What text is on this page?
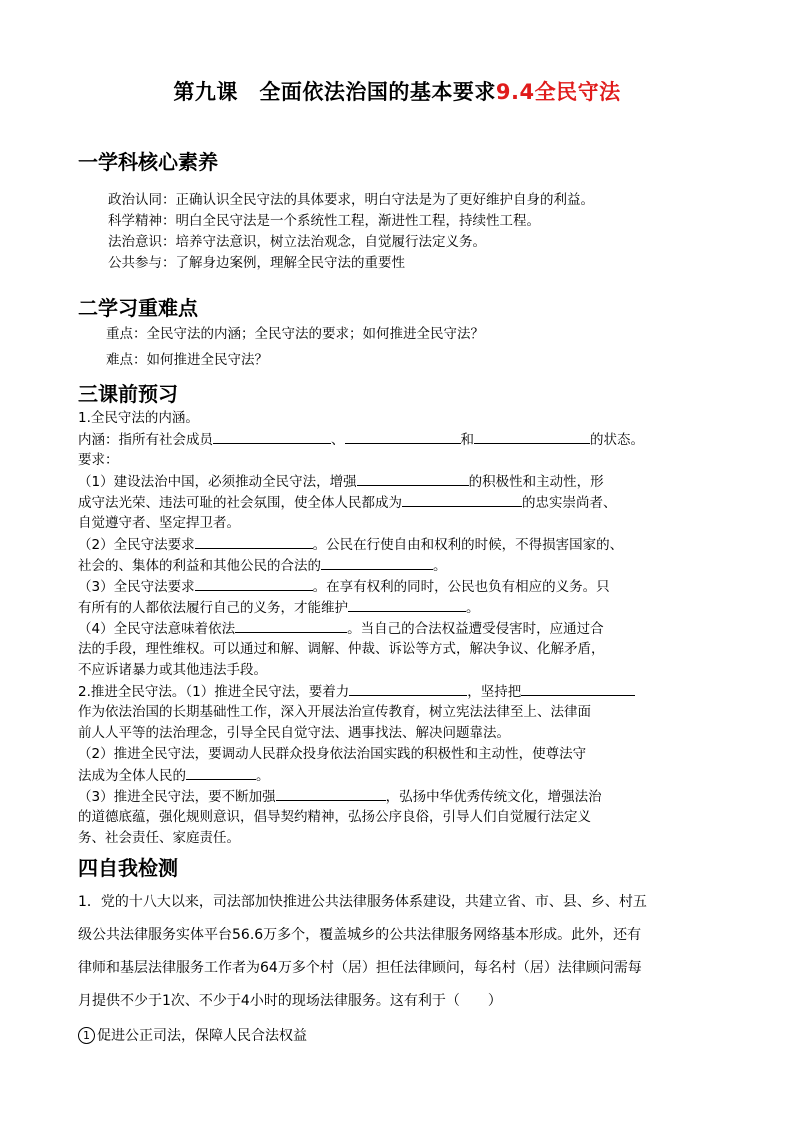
第九课　全面依法治国的基本要求9.4全民守法
一学科核心素养
政治认同：正确认识全民守法的具体要求，明白守法是为了更好维护自身的利益。
科学精神：明白全民守法是一个系统性工程，渐进性工程，持续性工程。
法治意识：培养守法意识，树立法治观念，自觉履行法定义务。
公共参与：了解身边案例，理解全民守法的重要性
二学习重难点
重点：全民守法的内涵；全民守法的要求；如何推进全民守法？
难点：如何推进全民守法？
三课前预习
1.全民守法的内涵。
内涵：指所有社会成员	、	和	的状态。
要求：
（1）建设法治中国，必须推动全民守法，增强	的积极性和主动性，形
成守法光荣、违法可耻的社会氛围，使全体人民都成为	的忠实崇尚者、
自觉遵守者、坚定捍卫者。
（2）全民守法要求	。公民在行使自由和权利的时候，不得损害国家的、
社会的、集体的利益和其他公民的合法的	。
（3）全民守法要求	。在享有权利的同时，公民也负有相应的义务。只
有所有的人都依法履行自己的义务，才能维护	。
（4）全民守法意味着依法	。当自己的合法权益遭受侵害时，应通过合
法的手段，理性维权。可以通过和解、调解、仲裁、诉讼等方式，解决争议、化解矛盾，
不应诉诸暴力或其他违法手段。
2.推进全民守法。（1）推进全民守法，要着力	，坚持把
作为依法治国的长期基础性工作，深入开展法治宣传教育，树立宪法法律至上、法律面
前人人平等的法治理念，引导全民自觉守法、遇事找法、解决问题靠法。
（2）推进全民守法，要调动人民群众投身依法治国实践的积极性和主动性，使尊法守
法成为全体人民的	。
（3）推进全民守法，要不断加强	，弘扬中华优秀传统文化，增强法治
的道德底蕴，强化规则意识，倡导契约精神，弘扬公序良俗，引导人们自觉履行法定义
务、社会责任、家庭责任。
四自我检测
1．党的十八大以来，司法部加快推进公共法律服务体系建设，共建立省、市、县、乡、村五
级公共法律服务实体平台56.6万多个，覆盖城乡的公共法律服务网络基本形成。此外，还有
律师和基层法律服务工作者为64万多个村（居）担任法律顾问，每名村（居）法律顾问需每
月提供不少于1次、不少于4小时的现场法律服务。这有利于（　　）
1 促进公正司法，保障人民合法权益
